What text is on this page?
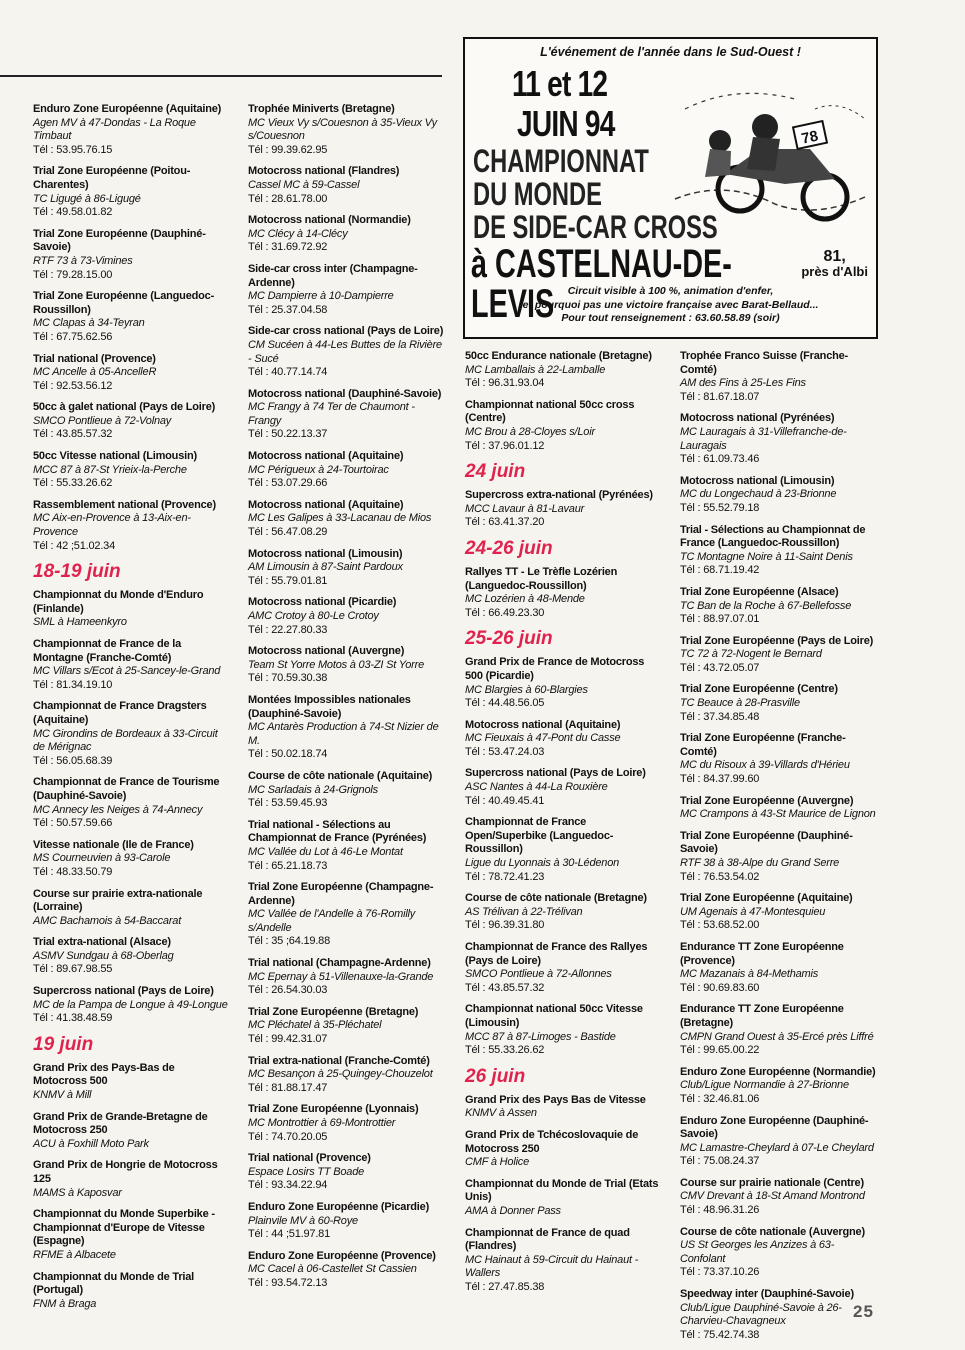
Enduro Zone Européenne (Aquitaine)
Agen MV à 47-Dondas - La Roque Timbaut
Tél : 53.95.76.15
Trial Zone Européenne (Poitou-Charentes)
TC Ligugé à 86-Ligugé
Tél : 49.58.01.82
Trial Zone Européenne (Dauphiné-Savoie)
RTF 73 à 73-Vimines
Tél : 79.28.15.00
Trial Zone Européenne (Languedoc-Roussillon)
MC Clapas à 34-Teyran
Tél : 67.75.62.56
Trial national (Provence)
MC Ancelle à 05-AncelleR
Tél : 92.53.56.12
50cc à galet national (Pays de Loire)
SMCO Pontlieue à 72-Volnay
Tél : 43.85.57.32
50cc Vitesse national (Limousin)
MCC 87 à 87-St Yrieix-la-Perche
Tél : 55.33.26.62
Rassemblement national (Provence)
MC Aix-en-Provence à 13-Aix-en-Provence
Tél : 42 ;51.02.34
18-19 juin
Championnat du Monde d'Enduro (Finlande)
SML à Hameenkyro
Championnat de France de la Montagne (Franche-Comté)
MC Villars s/Ecot à 25-Sancey-le-Grand
Tél : 81.34.19.10
Championnat de France Dragsters (Aquitaine)
MC Girondins de Bordeaux à 33-Circuit de Mérignac
Tél : 56.05.68.39
Championnat de France de Tourisme (Dauphiné-Savoie)
MC Annecy les Neiges à 74-Annecy
Tél : 50.57.59.66
Vitesse nationale (Ile de France)
MS Courneuvien à 93-Carole
Tél : 48.33.50.79
Course sur prairie extra-nationale (Lorraine)
AMC Bachamois à 54-Baccarat
Trial extra-national (Alsace)
ASMV Sundgau à 68-Oberlag
Tél : 89.67.98.55
Supercross national (Pays de Loire)
MC de la Pampa de Longue à 49-Longue
Tél : 41.38.48.59
19 juin
Grand Prix des Pays-Bas de Motocross 500
KNMV à Mill
Grand Prix de Grande-Bretagne de Motocross 250
ACU à Foxhill Moto Park
Grand Prix de Hongrie de Motocross 125
MAMS à Kaposvar
Championnat du Monde Superbike - Championnat d'Europe de Vitesse (Espagne)
RFME à Albacete
Championnat du Monde de Trial (Portugal)
FNM à Braga
Trophée Miniverts (Bretagne)
MC Vieux Vy s/Couesnon à 35-Vieux Vy s/Couesnon
Tél : 99.39.62.95
Motocross national (Flandres)
Cassel MC à 59-Cassel
Tél : 28.61.78.00
Motocross national (Normandie)
MC Clécy à 14-Clécy
Tél : 31.69.72.92
Side-car cross inter (Champagne-Ardenne)
MC Dampierre à 10-Dampierre
Tél : 25.37.04.58
Side-car cross national (Pays de Loire)
CM Sucéen à 44-Les Buttes de la Rivière - Sucé
Tél : 40.77.14.74
Motocross national (Dauphiné-Savoie)
MC Frangy à 74 Ter de Chaumont - Frangy
Tél : 50.22.13.37
Motocross national (Aquitaine)
MC Périgueux à 24-Tourtoirac
Tél : 53.07.29.66
Motocross national (Aquitaine)
MC Les Galipes à 33-Lacanau de Mios
Tél : 56.47.08.29
Motocross national (Limousin)
AM Limousin à 87-Saint Pardoux
Tél : 55.79.01.81
Motocross national (Picardie)
AMC Crotoy à 80-Le Crotoy
Tél : 22.27.80.33
Motocross national (Auvergne)
Team St Yorre Motos à 03-ZI St Yorre
Tél : 70.59.30.38
Montées Impossibles nationales (Dauphiné-Savoie)
MC Antarès Production à 74-St Nizier de M.
Tél : 50.02.18.74
Course de côte nationale (Aquitaine)
MC Sarladais à 24-Grignols
Tél : 53.59.45.93
Trial national - Sélections au Championnat de France (Pyrénées)
MC Vallée du Lot à 46-Le Montat
Tél : 65.21.18.73
Trial Zone Européenne (Champagne-Ardenne)
MC Vallée de l'Andelle à 76-Romilly s/Andelle
Tél : 35 ;64.19.88
Trial national (Champagne-Ardenne)
MC Epernay à 51-Villenauxe-la-Grande
Tél : 26.54.30.03
Trial Zone Européenne (Bretagne)
MC Pléchatel à 35-Pléchatel
Tél : 99.42.31.07
Trial extra-national (Franche-Comté)
MC Besançon à 25-Quingey-Chouzelot
Tél : 81.88.17.47
Trial Zone Européenne (Lyonnais)
MC Montrottier à 69-Montrottier
Tél : 74.70.20.05
Trial national (Provence)
Espace Losirs TT Boade
Tél : 93.34.22.94
Enduro Zone Européenne (Picardie)
Plainvile MV à 60-Roye
Tél : 44 ;51.97.81
Enduro Zone Européenne (Provence)
MC Cacel à 06-Castellet St Cassien
Tél : 93.54.72.13
50cc Endurance nationale (Bretagne)
MC Lamballais à 22-Lamballe
Tél : 96.31.93.04
Championnat national 50cc cross (Centre)
MC Brou à 28-Cloyes s/Loir
Tél : 37.96.01.12
24 juin
Supercross extra-national (Pyrénées)
MCC Lavaur à 81-Lavaur
Tél : 63.41.37.20
24-26 juin
Rallyes TT - Le Trèfle Lozérien (Languedoc-Roussillon)
MC Lozérien à 48-Mende
Tél : 66.49.23.30
25-26 juin
Grand Prix de France de Motocross 500 (Picardie)
MC Blargies à 60-Blargies
Tél : 44.48.56.05
Motocross national (Aquitaine)
MC Fieuxais à 47-Pont du Casse
Tél : 53.47.24.03
Supercross national (Pays de Loire)
ASC Nantes à 44-La Rouxière
Tél : 40.49.45.41
Championnat de France Open/Superbike (Languedoc-Roussillon)
Ligue du Lyonnais à 30-Lédenon
Tél : 78.72.41.23
Course de côte nationale (Bretagne)
AS Trélivan à 22-Trélivan
Tél : 96.39.31.80
Championnat de France des Rallyes (Pays de Loire)
SMCO Pontlieue à 72-Allonnes
Tél : 43.85.57.32
Championnat national 50cc Vitesse (Limousin)
MCC 87 à 87-Limoges - Bastide
Tél : 55.33.26.62
26 juin
Grand Prix des Pays Bas de Vitesse
KNMV à Assen
Grand Prix de Tchécoslovaquie de Motocross 250
CMF à Holice
Championnat du Monde de Trial (Etats Unis)
AMA à Donner Pass
Championnat de France de quad (Flandres)
MC Hainaut à 59-Circuit du Hainaut - Wallers
Tél : 27.47.85.38
Trophée Franco Suisse (Franche-Comté)
AM des Fins à 25-Les Fins
Tél : 81.67.18.07
Motocross national (Pyrénées)
MC Lauragais à 31-Villefranche-de-Lauragais
Tél : 61.09.73.46
Motocross national (Limousin)
MC du Longechaud à 23-Brionne
Tél : 55.52.79.18
Trial - Sélections au Championnat de France (Languedoc-Roussillon)
TC Montagne Noire à 11-Saint Denis
Tél : 68.71.19.42
Trial Zone Européenne (Alsace)
TC Ban de la Roche à 67-Bellefosse
Tél : 88.97.07.01
Trial Zone Européenne (Pays de Loire)
TC 72 à 72-Nogent le Bernard
Tél : 43.72.05.07
Trial Zone Européenne (Centre)
TC Beauce à 28-Prasville
Tél : 37.34.85.48
Trial Zone Européenne (Franche-Comté)
MC du Risoux à 39-Villards d'Hérieu
Tél : 84.37.99.60
Trial Zone Européenne (Auvergne)
MC Crampons à 43-St Maurice de Lignon
Trial Zone Européenne (Dauphiné-Savoie)
RTF 38 à 38-Alpe du Grand Serre
Tél : 76.53.54.02
Trial Zone Européenne (Aquitaine)
UM Agenais à 47-Montesquieu
Tél : 53.68.52.00
Endurance TT Zone Européenne (Provence)
MC Mazanais à 84-Methamis
Tél : 90.69.83.60
Endurance TT Zone Européenne (Bretagne)
CMPN Grand Ouest à 35-Ercé près Liffré
Tél : 99.65.00.22
Enduro Zone Européenne (Normandie)
Club/Ligue Normandie à 27-Brionne
Tél : 32.46.81.06
Enduro Zone Européenne (Dauphiné-Savoie)
MC Lamastre-Cheylard à 07-Le Cheylard
Tél : 75.08.24.37
Course sur prairie nationale (Centre)
CMV Drevant à 18-St Amand Montrond
Tél : 48.96.31.26
Course de côte nationale (Auvergne)
US St Georges les Anzizes à 63-Confolant
Tél : 73.37.10.26
Speedway inter (Dauphiné-Savoie)
Club/Ligue Dauphiné-Savoie à 26-Charvieu-Chavagneux
Tél : 75.42.74.38
L'événement de l'année dans le Sud-Ouest !
11 et 12
JUIN 94	78
CHAMPIONNAT
DU MONDE
DE SIDE-CAR CROSS
à CASTELNAU-DE-LEVIS
81,
près d'Albi
Circuit visible à 100 %, animation d'enfer,
et pourquoi pas une victoire française avec Barat-Bellaud...
Pour tout renseignement : 63.60.58.89 (soir)
25
